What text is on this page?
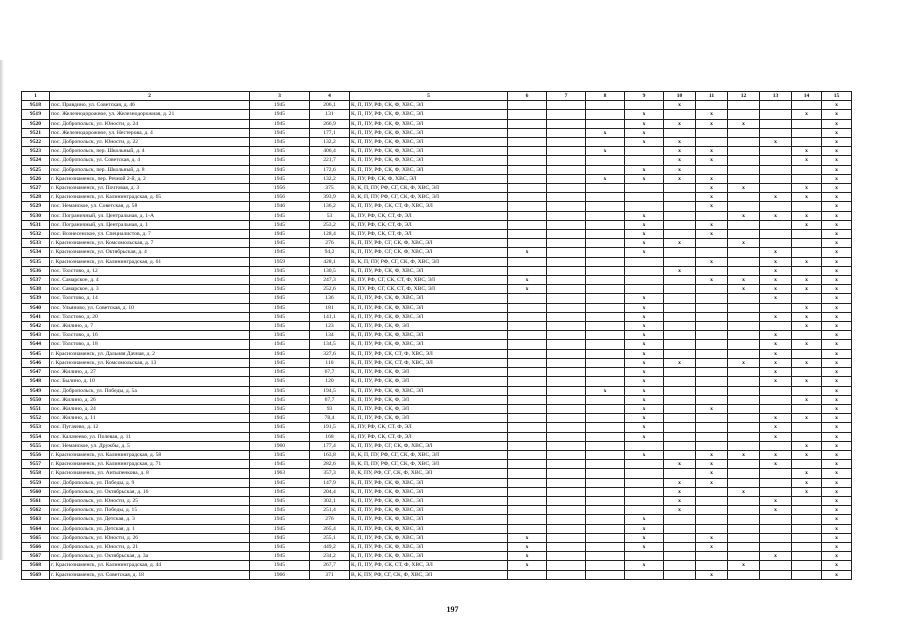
1	2	3	4	5	6	7	8	9	10	11	12	13	14	15
9518	пос. Правдино, ул. Советская, д. 46	1945	206,1	К, П, ПУ, РФ, СК, Ф, ХВС, ЭЛ					x					x
9519	пос. Железнодорожное, ул. Железнодорожная, д. 21	1945	131	К, П, ПУ, РФ, СК, Ф, ХВС, ЭЛ				x		x			x	x
9520	пос. Добропольск, ул. Юности, д. 24	1945	266,9	К, П, ПУ, РФ, СК, Ф, ХВС, ЭЛ				x	x	x	x			x
9521	пос. Железнодорожное, ул. Нестерова, д. 4	1945	177,1	К, П, ПУ, РФ, СК, Ф, ХВС, ЭЛ			x	x						x
9522	пос. Добропольск, ул. Юности, д. 22	1945	132,2	К, П, ПУ, РФ, СК, Ф, ХВС, ЭЛ				x	x			x		x
9523	пос. Добропольск, пер. Школьный, д. 4	1945	406,4	К, П, ПУ, РФ, СК, Ф, ХВС, ЭЛ			x		x	x			x	x
9524	пос. Добропольск, ул. Советская, д. 4	1945	221,7	К, П, ПУ, РФ, СК, Ф, ХВС, ЭЛ					x	x			x	x
9525	пос. Добропольск, пер. Школьный, д. 8	1945	172,6	К, П, ПУ, РФ, СК, Ф, ХВС, ЭЛ				x	x					x
9526	г. Краснознаменск, пер. Речной 2-й, д. 2	1945	132,2	К, ПУ, РФ, СК, Ф, ХВС, ЭЛ			x	x	x	x				x
9527	г. Краснознаменск, ул. Почтовая, д. 3	1956	375	В, К, П, ПУ, РФ, СГ, СК, Ф, ХВС, ЭЛ						x	x		x	x
9528	г. Краснознаменск, ул. Калининградская, д. 65	1956	393,9	В, К, П, ПУ, РФ, СГ, СК, Ф, ХВС, ЭЛ						x		x	x	x
9529	пос. Неманское, ул. Советская, д. 58	1946	136,2	К, П, ПУ, РФ, СК, СТ, Ф, ХВС, ЭЛ						x				x
9530	пос. Пограничный, ул. Центральная, д. 1-А	1945	53	К, ПУ, РФ, СК, СТ, Ф, ЭЛ				x			x	x	x	x
9531	пос. Пограничный, ул. Центральная, д. 1	1945	253,2	К, ПУ, РФ, СК, СТ, Ф, ЭЛ				x		x			x	x
9532	пос. Вознесенское, ул. Специалистов, д. 7	1945	128,4	К, ПУ, РФ, СК, СТ, Ф, ЭЛ				x		x				x
9533	г. Краснознаменск, ул. Комсомольская, д. 7	1945	276	К, П, ПУ, РФ, СГ, СК, Ф, ХВС, ЭЛ				x	x		x			x
9534	г. Краснознаменск, ул. Октябрьская, д. 4	1945	94,2	К, П, ПУ, РФ, СГ, СК, Ф, ХВС, ЭЛ	x			x				x		x
9535	г. Краснознаменск, ул. Калининградская, д. 61	1959	428,1	В, К, П, ПУ, РФ, СГ, СК, Ф, ХВС, ЭЛ						x		x	x	x
9536	пос. Толстово, д. 12	1945	130,5	К, П, ПУ, РФ, СК, Ф, ХВС, ЭЛ					x			x		x
9537	пос. Самарское, д. 4	1945	247,3	К, ПУ, РФ, СГ, СК, СТ, Ф, ХВС, ЭЛ	x					x	x	x	x	x
9538	пос. Самарское, д. 3	1945	252,6	К, ПУ, РФ, СГ, СК, СТ, Ф, ХВС, ЭЛ	x						x	x	x	x
9539	пос. Толстово, д. 14	1945	136	К, П, ПУ, РФ, СК, Ф, ХВС, ЭЛ				x				x		x
9540	пос. Ульяново, ул. Советская, д. 10	1945	181	К, П, ПУ, РФ, СК, Ф, ХВС, ЭЛ				x					x	x
9541	пос. Толстово, д. 20	1945	141,1	К, П, ПУ, РФ, СК, Ф, ХВС, ЭЛ				x				x	x	x
9542	пос. Жилино, д. 7	1945	123	К, П, ПУ, РФ, СК, Ф, ЭЛ				x					x	x
9543	пос. Толстово, д. 16	1945	134	К, П, ПУ, РФ, СК, Ф, ХВС, ЭЛ				x				x		x
9544	пос. Толстово, д. 18	1945	134,5	К, П, ПУ, РФ, СК, Ф, ХВС, ЭЛ				x				x	x	x
9545	г. Краснознаменск, ул. Дальняя Дачная, д. 2	1945	327,6	К, П, ПУ, РФ, СК, СТ, Ф, ХВС, ЭЛ				x				x		x
9546	г. Краснознаменск, ул. Комсомольская, д. 13	1945	110	К, П, ПУ, РФ, СК, СТ, Ф, ХВС, ЭЛ				x	x		x	x	x	x
9547	пос. Жилино, д. 27	1945	67,7	К, П, ПУ, РФ, СК, Ф, ЭЛ				x				x		x
9548	пос. Былино, д. 10	1945	120	К, П, ПУ, РФ, СК, Ф, ЭЛ				x				x	x	x
9549	пос. Добропольск, ул. Победы, д. 5а	1945	194,5	К, П, ПУ, РФ, СК, Ф, ХВС, ЭЛ			x	x						x
9550	пос. Жилино, д. 26	1945	67,7	К, П, ПУ, РФ, СК, Ф, ЭЛ				x					x	x
9551	пос. Жилино, д. 24	1945	93	К, П, ПУ, РФ, СК, Ф, ЭЛ				x		x				x
9552	пос. Жилино, д. 11	1945	78,4	К, П, ПУ, РФ, СК, Ф, ЭЛ				x				x	x	x
9553	пос. Пугачево, д. 12	1945	191,5	К, ПУ, РФ, СК, СТ, Ф, ЭЛ				x				x		x
9554	пос. Калачеево, ул. Полевая, д. 11	1945	168	К, ПУ, РФ, СК, СТ, Ф, ЭЛ				x				x		x
9555	пос. Неманское, ул. Дружбы, д. 5	1960	177,4	К, П, ПУ, РФ, СГ, СК, Ф, ХВС, ЭЛ									x	x
9556	г. Краснознаменск, ул. Калининградская, д. 58	1945	163,8	В, К, П, ПУ, РФ, СГ, СК, Ф, ХВС, ЭЛ				x		x	x	x	x	x
9557	г. Краснознаменск, ул. Калининградская, д. 71	1945	282,6	В, К, П, ПУ, РФ, СГ, СК, Ф, ХВС, ЭЛ					x	x		x		x
9558	г. Краснознаменск, ул. Антыпенкова, д. 8	1963	357,3	В, К, ПУ, РФ, СГ, СК, Ф, ХВС, ЭЛ						x			x	x
9559	пос. Добропольск, ул. Победы, д. 9	1945	147,9	К, П, ПУ, РФ, СК, Ф, ХВС, ЭЛ					x	x			x	x
9560	пос. Добропольск, ул. Октябрьская, д. 16	1945	204,4	К, П, ПУ, РФ, СК, Ф, ХВС, ЭЛ					x		x		x	x
9561	пос. Добропольск, ул. Юности, д. 25	1945	302,1	К, П, ПУ, РФ, СК, Ф, ХВС, ЭЛ					x			x		x
9562	пос. Добропольск, ул. Победы, д. 15	1945	251,4	К, П, ПУ, РФ, СК, Ф, ХВС, ЭЛ					x			x		x
9563	пос. Добропольск, ул. Детская, д. 3	1945	276	К, П, ПУ, РФ, СК, Ф, ХВС, ЭЛ				x						x
9564	пос. Добропольск, ул. Детская, д. 1	1945	265,4	К, П, ПУ, РФ, СК, Ф, ХВС, ЭЛ				x						x
9565	пос. Добропольск, ул. Юности, д. 26	1945	255,1	К, П, ПУ, РФ, СК, Ф, ХВС, ЭЛ	x			x		x				x
9566	пос. Добропольск, ул. Юности, д. 21	1945	449,2	К, П, ПУ, РФ, СК, Ф, ХВС, ЭЛ	x			x		x				x
9567	пос. Добропольск, ул. Октябрьская, д. 3а	1945	234,2	К, П, ПУ, РФ, СК, Ф, ХВС, ЭЛ	x							x		x
9568	г. Краснознаменск, ул. Калининградская, д. 44	1945	267,7	К, П, ПУ, РФ, СК, СТ, Ф, ХВС, ЭЛ	x			x			x			x
9569	г. Краснознаменск, ул. Советская, д. 18	1966	371	В, К, ПУ, РФ, СГ, СК, Ф, ХВС, ЭЛ						x				x
197
